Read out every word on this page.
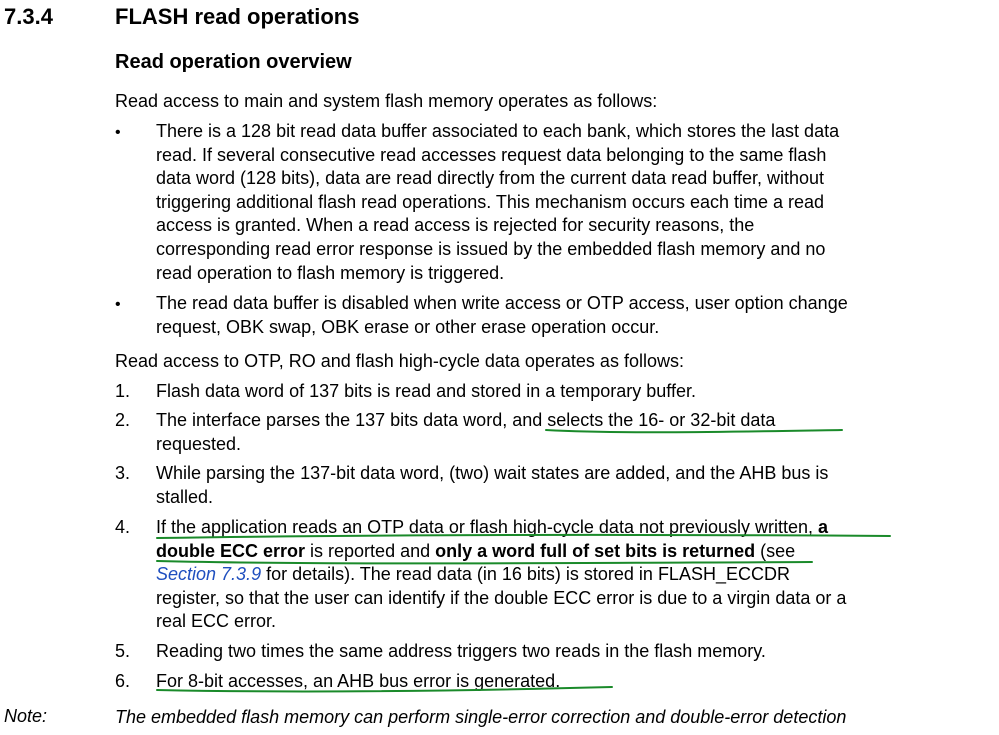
7.3.4	FLASH read operations
Read operation overview
Read access to main and system flash memory operates as follows:
• There is a 128 bit read data buffer associated to each bank, which stores the last data
read. If several consecutive read accesses request data belonging to the same flash
data word (128 bits), data are read directly from the current data read buffer, without
triggering additional flash read operations. This mechanism occurs each time a read
access is granted. When a read access is rejected for security reasons, the
corresponding read error response is issued by the embedded flash memory and no
read operation to flash memory is triggered.
• The read data buffer is disabled when write access or OTP access, user option change
request, OBK swap, OBK erase or other erase operation occur.
Read access to OTP, RO and flash high-cycle data operates as follows:
1. Flash data word of 137 bits is read and stored in a temporary buffer.
2. The interface parses the 137 bits data word, and selects the 16- or 32-bit data
requested.
3. While parsing the 137-bit data word, (two) wait states are added, and the AHB bus is
stalled.
4. If the application reads an OTP data or flash high-cycle data not previously written, a
double ECC error is reported and only a word full of set bits is returned (see
Section 7.3.9 for details). The read data (in 16 bits) is stored in FLASH_ECCDR
register, so that the user can identify if the double ECC error is due to a virgin data or a
real ECC error.
5. Reading two times the same address triggers two reads in the flash memory.
6. For 8-bit accesses, an AHB bus error is generated.
Note:	The embedded flash memory can perform single-error correction and double-error detection
